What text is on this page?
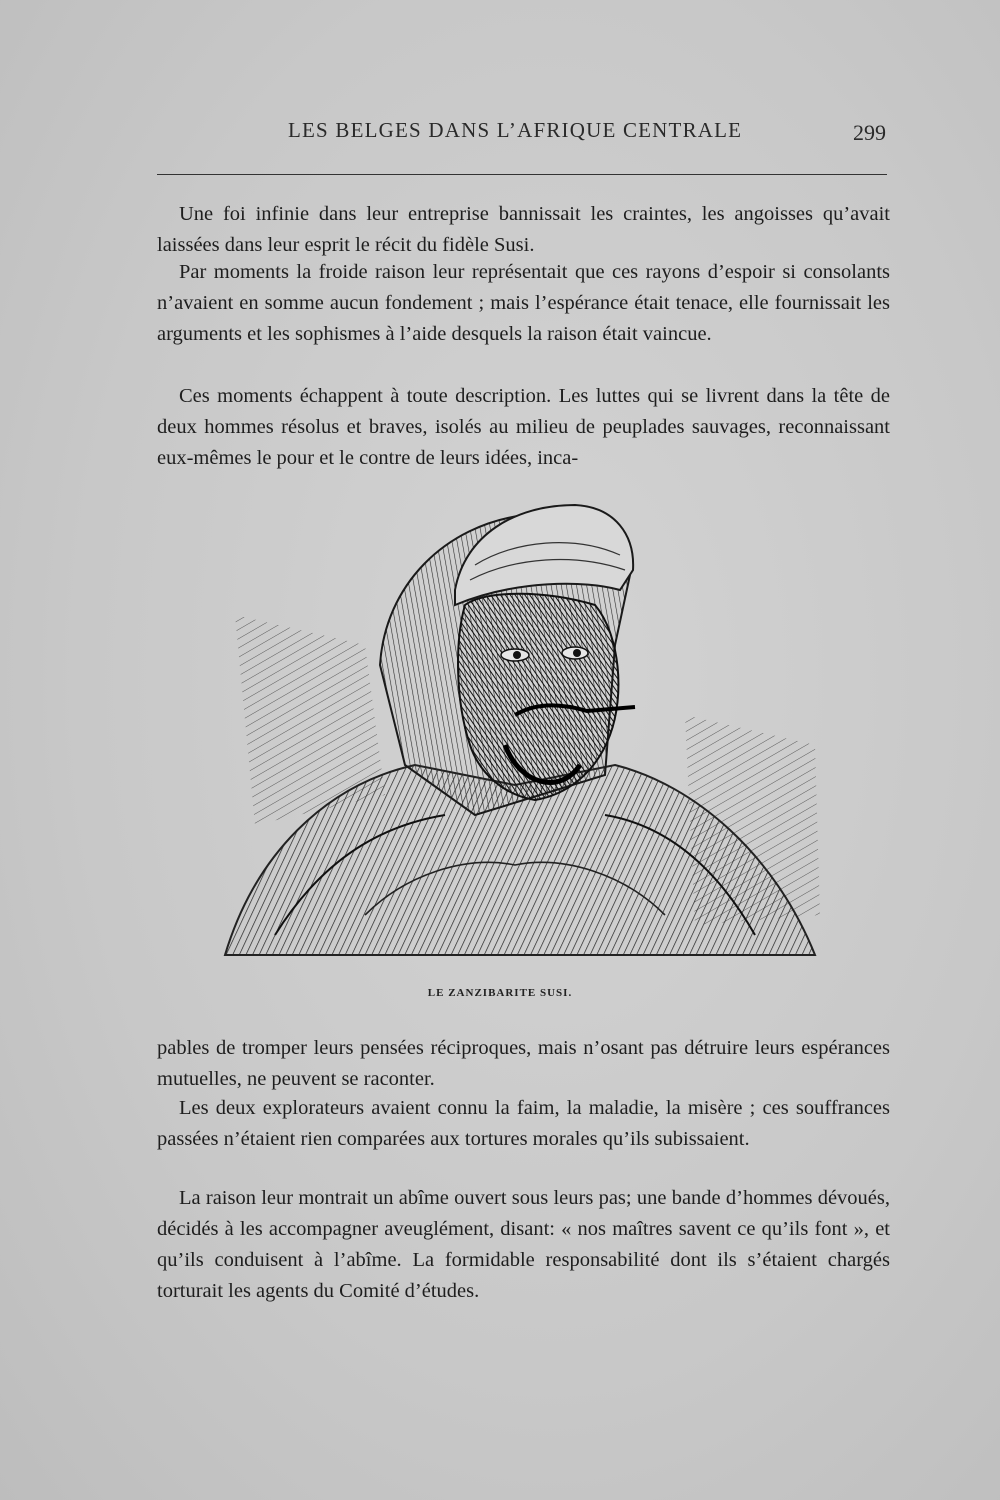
LES BELGES DANS L’AFRIQUE CENTRALE	299

Une foi infinie dans leur entreprise bannissait les craintes, les angoisses qu’avait laissées dans leur esprit le récit du fidèle Susi.

Par moments la froide raison leur représentait que ces rayons d’espoir si consolants n’avaient en somme aucun fondement ; mais l’espérance était tenace, elle fournissait les arguments et les sophismes à l’aide desquels la raison était vaincue.

Ces moments échappent à toute description. Les luttes qui se livrent dans la tête de deux hommes résolus et braves, isolés au milieu de peuplades sauvages, reconnaissant eux-mêmes le pour et le contre de leurs idées, inca-

LE ZANZIBARITE SUSI.

pables de tromper leurs pensées réciproques, mais n’osant pas détruire leurs espérances mutuelles, ne peuvent se raconter.

Les deux explorateurs avaient connu la faim, la maladie, la misère ; ces souffrances passées n’étaient rien comparées aux tortures morales qu’ils subissaient.

La raison leur montrait un abîme ouvert sous leurs pas; une bande d’hommes dévoués, décidés à les accompagner aveuglément, disant: « nos maîtres savent ce qu’ils font », et qu’ils conduisent à l’abîme. La formidable responsabilité dont ils s’étaient chargés torturait les agents du Comité d’études.
